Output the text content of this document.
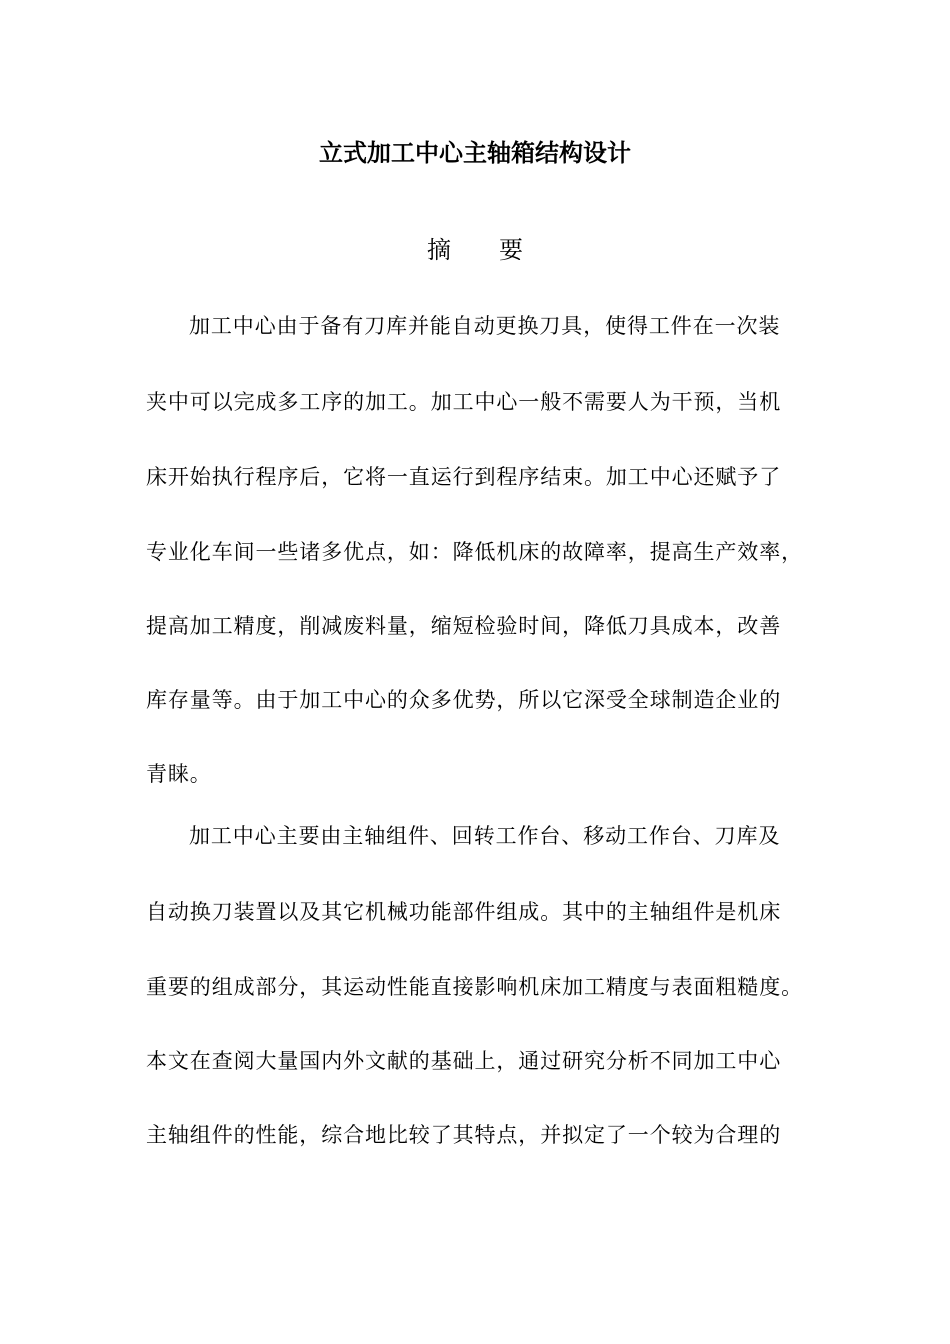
立式加工中心主轴箱结构设计
摘要
加工中心由于备有刀库并能自动更换刀具，使得工件在一次装
夹中可以完成多工序的加工。加工中心一般不需要人为干预，当机
床开始执行程序后，它将一直运行到程序结束。加工中心还赋予了
专业化车间一些诸多优点，如：降低机床的故障率，提高生产效率，
提高加工精度，削减废料量，缩短检验时间，降低刀具成本，改善
库存量等。由于加工中心的众多优势，所以它深受全球制造企业的
青睐。
加工中心主要由主轴组件、回转工作台、移动工作台、刀库及
自动换刀装置以及其它机械功能部件组成。其中的主轴组件是机床
重要的组成部分，其运动性能直接影响机床加工精度与表面粗糙度。
本文在查阅大量国内外文献的基础上，通过研究分析不同加工中心
主轴组件的性能，综合地比较了其特点，并拟定了一个较为合理的
